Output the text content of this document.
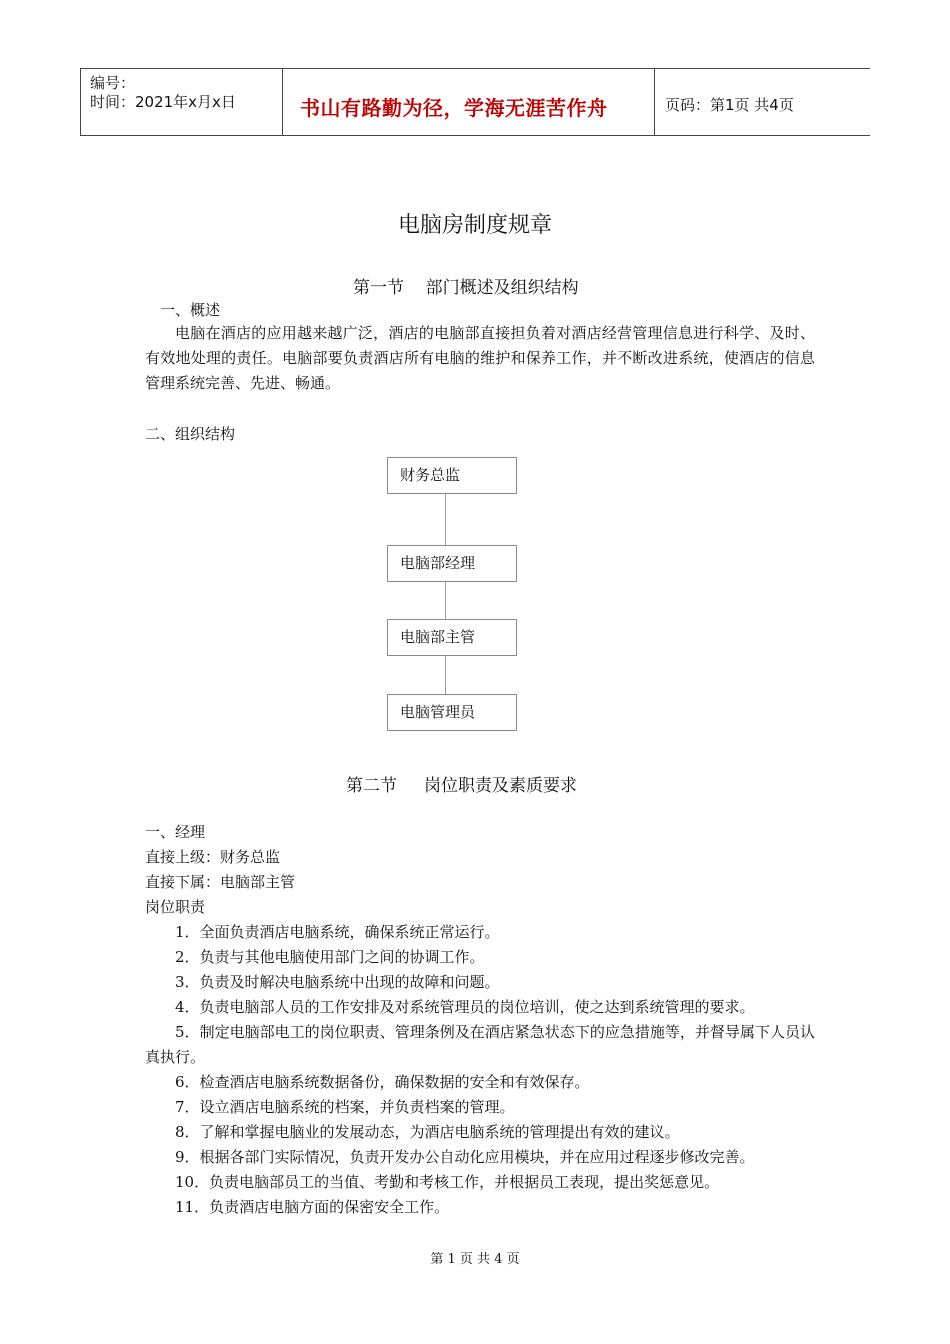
编号：
时间：2021年x月x日	书山有路勤为径，学海无涯苦作舟	页码：第1页 共4页
电脑房制度规章
第一节    部门概述及组织结构
一、概述
电脑在酒店的应用越来越广泛，酒店的电脑部直接担负着对酒店经营管理信息进行科学、及时、有效地处理的责任。电脑部要负责酒店所有电脑的维护和保养工作，并不断改进系统，使酒店的信息管理系统完善、先进、畅通。
二、组织结构
财务总监
电脑部经理
电脑部主管
电脑管理员
第二节     岗位职责及素质要求
一、经理
直接上级：财务总监
直接下属：电脑部主管
岗位职责
1．全面负责酒店电脑系统，确保系统正常运行。
2．负责与其他电脑使用部门之间的协调工作。
3．负责及时解决电脑系统中出现的故障和问题。
4．负责电脑部人员的工作安排及对系统管理员的岗位培训，使之达到系统管理的要求。
5．制定电脑部电工的岗位职责、管理条例及在酒店紧急状态下的应急措施等，并督导属下人员认真执行。
6．检查酒店电脑系统数据备份，确保数据的安全和有效保存。
7．设立酒店电脑系统的档案，并负责档案的管理。
8．了解和掌握电脑业的发展动态，为酒店电脑系统的管理提出有效的建议。
9．根据各部门实际情况，负责开发办公自动化应用模块，并在应用过程逐步修改完善。
10．负责电脑部员工的当值、考勤和考核工作，并根据员工表现，提出奖惩意见。
11．负责酒店电脑方面的保密安全工作。
第 1 页 共 4 页
